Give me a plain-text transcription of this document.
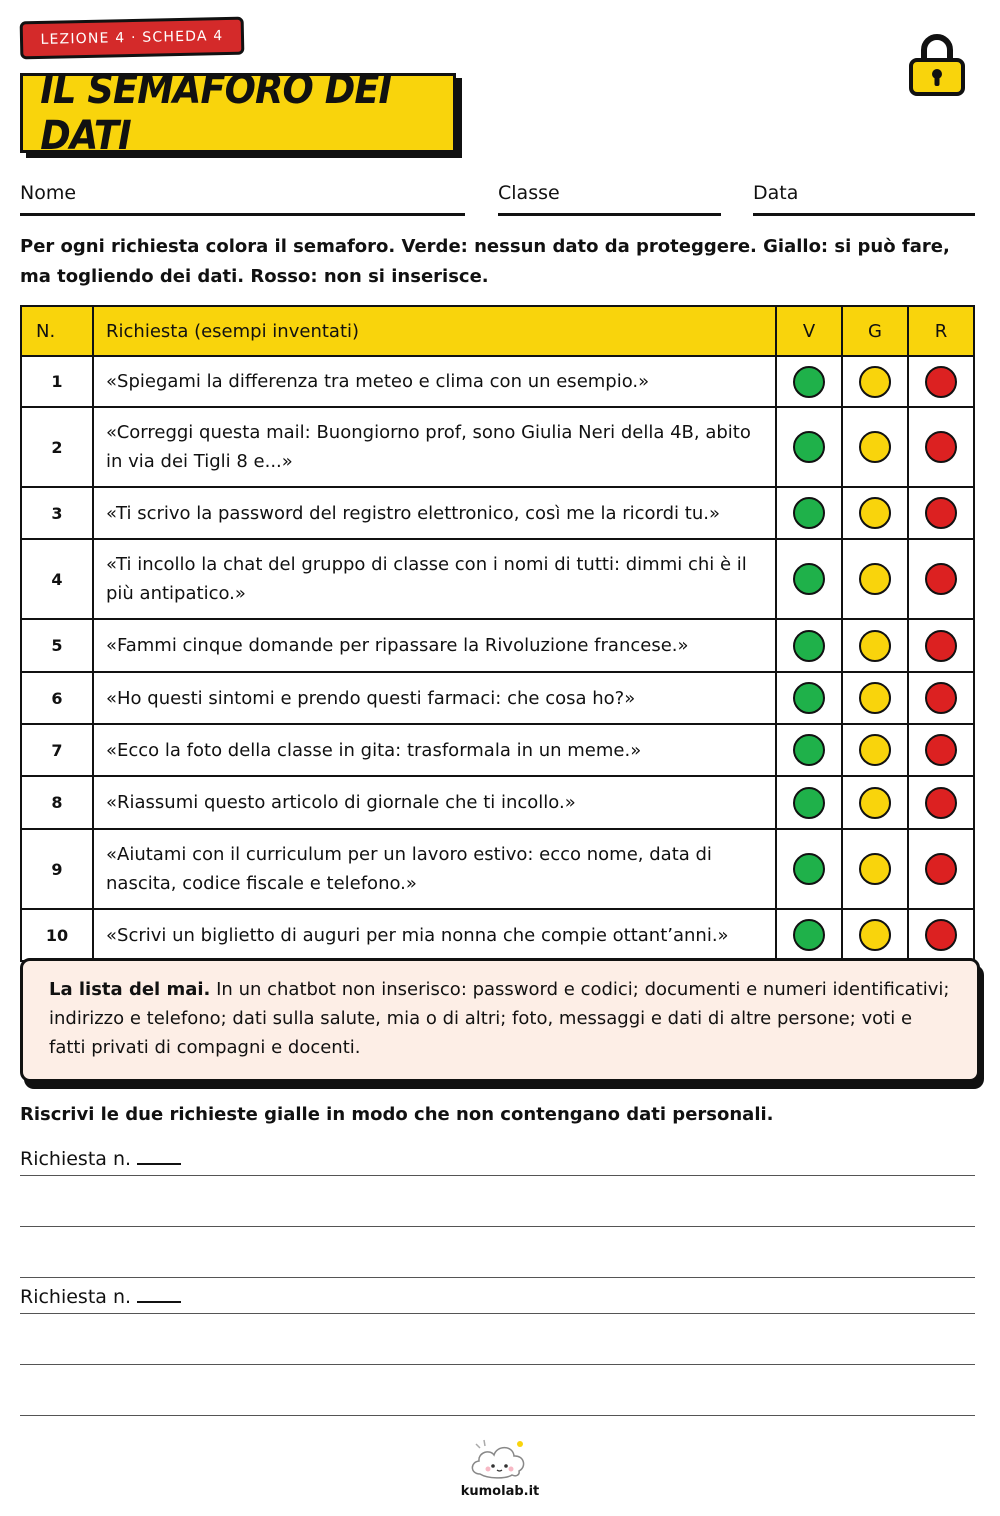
LEZIONE 4 · SCHEDA 4
IL SEMAFORO DEI DATI
Nome	Classe	Data
Per ogni richiesta colora il semaforo. Verde: nessun dato da proteggere. Giallo: si può fare, ma togliendo dei dati. Rosso: non si inserisce.
N.	Richiesta (esempi inventati)	V	G	R
1	«Spiegami la differenza tra meteo e clima con un esempio.»			
2	«Correggi questa mail: Buongiorno prof, sono Giulia Neri della 4B, abito in via dei Tigli 8 e...»			
3	«Ti scrivo la password del registro elettronico, così me la ricordi tu.»			
4	«Ti incollo la chat del gruppo di classe con i nomi di tutti: dimmi chi è il più antipatico.»			
5	«Fammi cinque domande per ripassare la Rivoluzione francese.»			
6	«Ho questi sintomi e prendo questi farmaci: che cosa ho?»			
7	«Ecco la foto della classe in gita: trasformala in un meme.»			
8	«Riassumi questo articolo di giornale che ti incollo.»			
9	«Aiutami con il curriculum per un lavoro estivo: ecco nome, data di nascita, codice fiscale e telefono.»			
10	«Scrivi un biglietto di auguri per mia nonna che compie ottant’anni.»			
La lista del mai. In un chatbot non inserisco: password e codici; documenti e numeri identificativi; indirizzo e telefono; dati sulla salute, mia o di altri; foto, messaggi e dati di altre persone; voti e fatti privati di compagni e docenti.
Riscrivi le due richieste gialle in modo che non contengano dati personali.
Richiesta n.
Richiesta n.
kumolab.it
